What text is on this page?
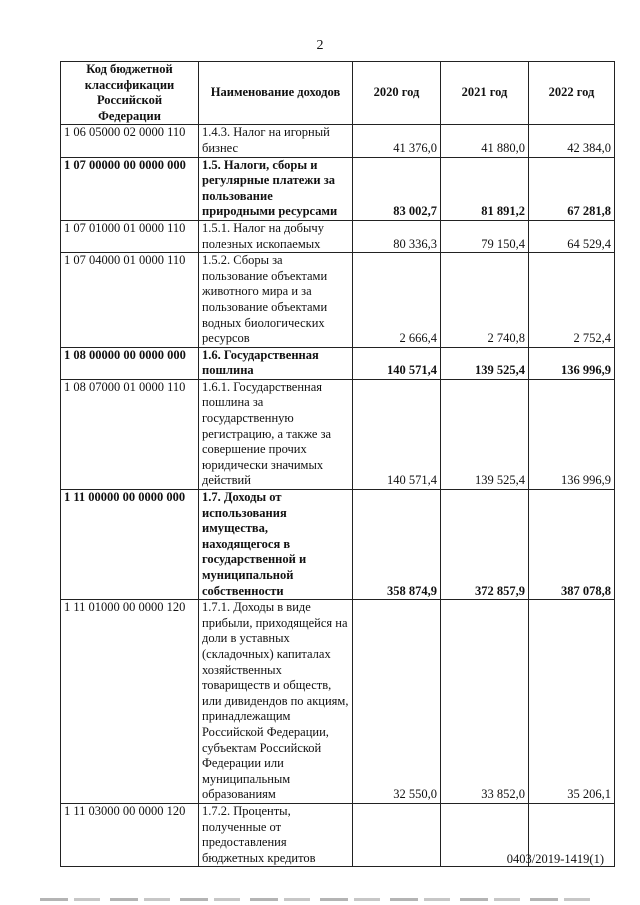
2
Код бюджетной классификации Российской Федерации	Наименование доходов	2020 год	2021 год	2022 год
1 06 05000 02 0000 110	1.4.3. Налог на игорный бизнес	41 376,0	41 880,0	42 384,0
1 07 00000 00 0000 000	1.5. Налоги, сборы и регулярные платежи за пользование природными ресурсами	83 002,7	81 891,2	67 281,8
1 07 01000 01 0000 110	1.5.1. Налог на добычу полезных ископаемых	80 336,3	79 150,4	64 529,4
1 07 04000 01 0000 110	1.5.2. Сборы за пользование объектами животного мира и за пользование объектами водных биологических ресурсов	2 666,4	2 740,8	2 752,4
1 08 00000 00 0000 000	1.6. Государственная пошлина	140 571,4	139 525,4	136 996,9
1 08 07000 01 0000 110	1.6.1. Государственная пошлина за государственную регистрацию, а также за совершение прочих юридически значимых действий	140 571,4	139 525,4	136 996,9
1 11 00000 00 0000 000	1.7. Доходы от использования имущества, находящегося в государственной и муниципальной собственности	358 874,9	372 857,9	387 078,8
1 11 01000 00 0000 120	1.7.1. Доходы в виде прибыли, приходящейся на доли в уставных (складочных) капиталах хозяйственных товариществ и обществ, или дивидендов по акциям, принадлежащим Российской Федерации, субъектам Российской Федерации или муниципальным образованиям	32 550,0	33 852,0	35 206,1
1 11 03000 00 0000 120	1.7.2. Проценты, полученные от предоставления бюджетных кредитов				0403/2019-1419(1)
